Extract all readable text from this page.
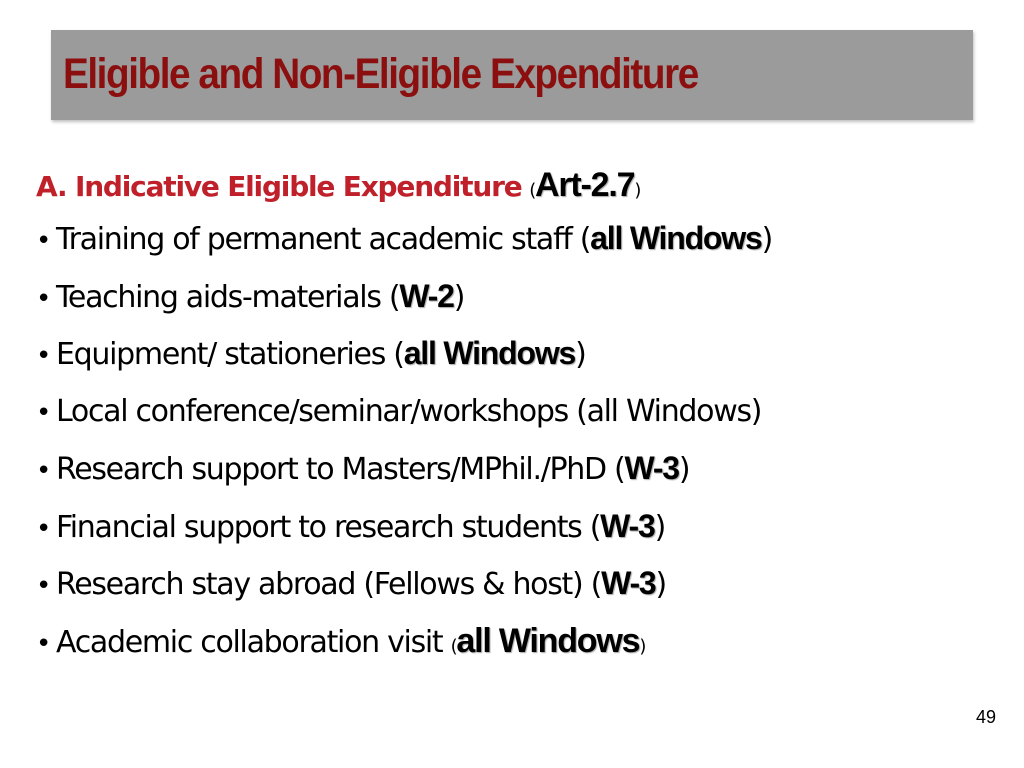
Eligible and Non-Eligible Expenditure
A. Indicative Eligible Expenditure (Art-2.7)
• Training of permanent academic staff (all Windows)
• Teaching aids-materials (W-2)
• Equipment/ stationeries (all Windows)
• Local conference/seminar/workshops (all Windows)
• Research support to Masters/MPhil./PhD (W-3)
• Financial support to research students (W-3)
• Research stay abroad (Fellows & host) (W-3)
• Academic collaboration visit (all Windows)
49
